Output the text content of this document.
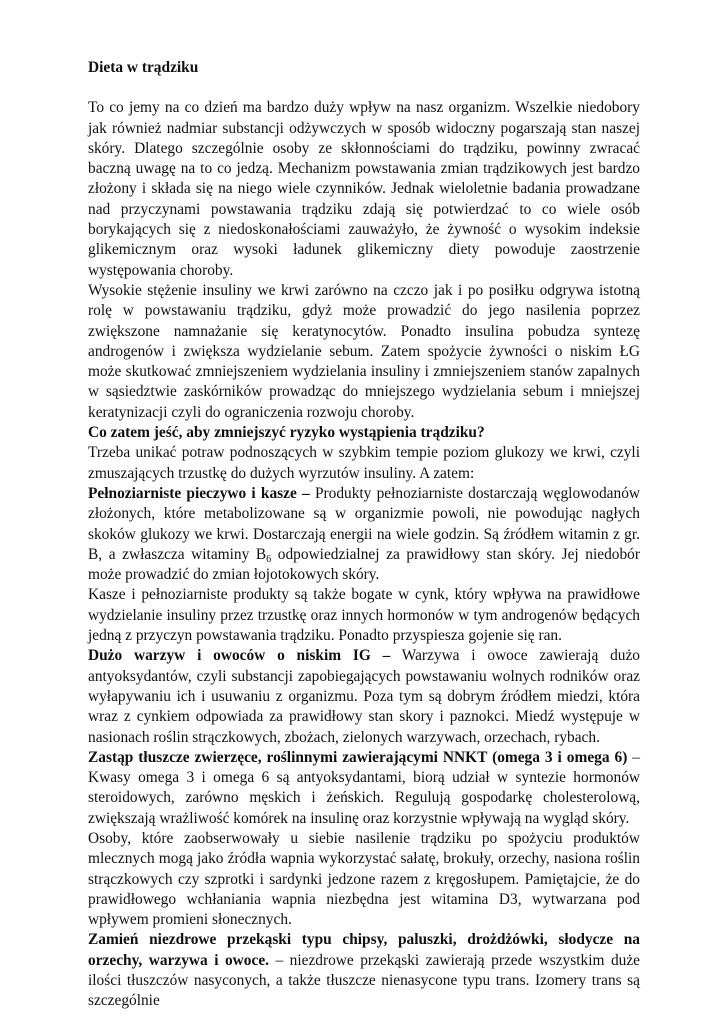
Dieta w trądziku

To co jemy na co dzień ma bardzo duży wpływ na nasz organizm. Wszelkie niedobory jak również nadmiar substancji odżywczych w sposób widoczny pogarszają stan naszej skóry. Dlatego szczególnie osoby ze skłonnościami do trądziku, powinny zwracać baczną uwagę na to co jedzą. Mechanizm powstawania zmian trądzikowych jest bardzo złożony i składa się na niego wiele czynników. Jednak wieloletnie badania prowadzane nad przyczynami powstawania trądziku zdają się potwierdzać to co wiele osób borykających się z niedoskonałościami zauważyło, że żywność o wysokim indeksie glikemicznym oraz wysoki ładunek glikemiczny diety powoduje zaostrzenie występowania choroby.

Wysokie stężenie insuliny we krwi zarówno na czczo jak i po posiłku odgrywa istotną rolę w powstawaniu trądziku, gdyż może prowadzić do jego nasilenia poprzez zwiększone namnażanie się keratynocytów. Ponadto insulina pobudza syntezę androgenów i zwiększa wydzielanie sebum. Zatem spożycie żywności o niskim ŁG może skutkować zmniejszeniem wydzielania insuliny i zmniejszeniem stanów zapalnych w sąsiedztwie zaskórników prowadząc do mniejszego wydzielania sebum i mniejszej keratynizacji czyli do ograniczenia rozwoju choroby.

Co zatem jeść, aby zmniejszyć ryzyko wystąpienia trądziku?

Trzeba unikać potraw podnoszących w szybkim tempie poziom glukozy we krwi, czyli zmuszających trzustkę do dużych wyrzutów insuliny. A zatem:

Pełnoziarniste pieczywo i kasze – Produkty pełnoziarniste dostarczają węglowodanów złożonych, które metabolizowane są w organizmie powoli, nie powodując nagłych skoków glukozy we krwi. Dostarczają energii na wiele godzin. Są źródłem witamin z gr. B, a zwłaszcza witaminy $B_6$ odpowiedzialnej za prawidłowy stan skóry. Jej niedobór może prowadzić do zmian łojotokowych skóry.

Kasze i pełnoziarniste produkty są także bogate w cynk, który wpływa na prawidłowe wydzielanie insuliny przez trzustkę oraz innych hormonów w tym androgenów będących jedną z przyczyn powstawania trądziku. Ponadto przyspiesza gojenie się ran.

Dużo warzyw i owoców o niskim IG – Warzywa i owoce zawierają dużo antyoksydantów, czyli substancji zapobiegających powstawaniu wolnych rodników oraz wyłapywaniu ich i usuwaniu z organizmu. Poza tym są dobrym źródłem miedzi, która wraz z cynkiem odpowiada za prawidłowy stan skory i paznokci. Miedź występuje w nasionach roślin strączkowych, zbożach, zielonych warzywach, orzechach, rybach.

Zastąp tłuszcze zwierzęce, roślinnymi zawierającymi NNKT (omega 3 i omega 6) – Kwasy omega 3 i omega 6 są antyoksydantami, biorą udział w syntezie hormonów steroidowych, zarówno męskich i żeńskich. Regulują gospodarkę cholesterolową, zwiększają wrażliwość komórek na insulinę oraz korzystnie wpływają na wygląd skóry.

Osoby, które zaobserwowały u siebie nasilenie trądziku po spożyciu produktów mlecznych mogą jako źródła wapnia wykorzystać sałatę, brokuły, orzechy, nasiona roślin strączkowych czy szprotki i sardynki jedzone razem z kręgosłupem. Pamiętajcie, że do prawidłowego wchłaniania wapnia niezbędna jest witamina D3, wytwarzana pod wpływem promieni słonecznych.

Zamień niezdrowe przekąski typu chipsy, paluszki, drożdżówki, słodycze na orzechy, warzywa i owoce. – niezdrowe przekąski zawierają przede wszystkim duże ilości tłuszczów nasyconych, a także tłuszcze nienasycone typu trans. Izomery trans są szczególnie
